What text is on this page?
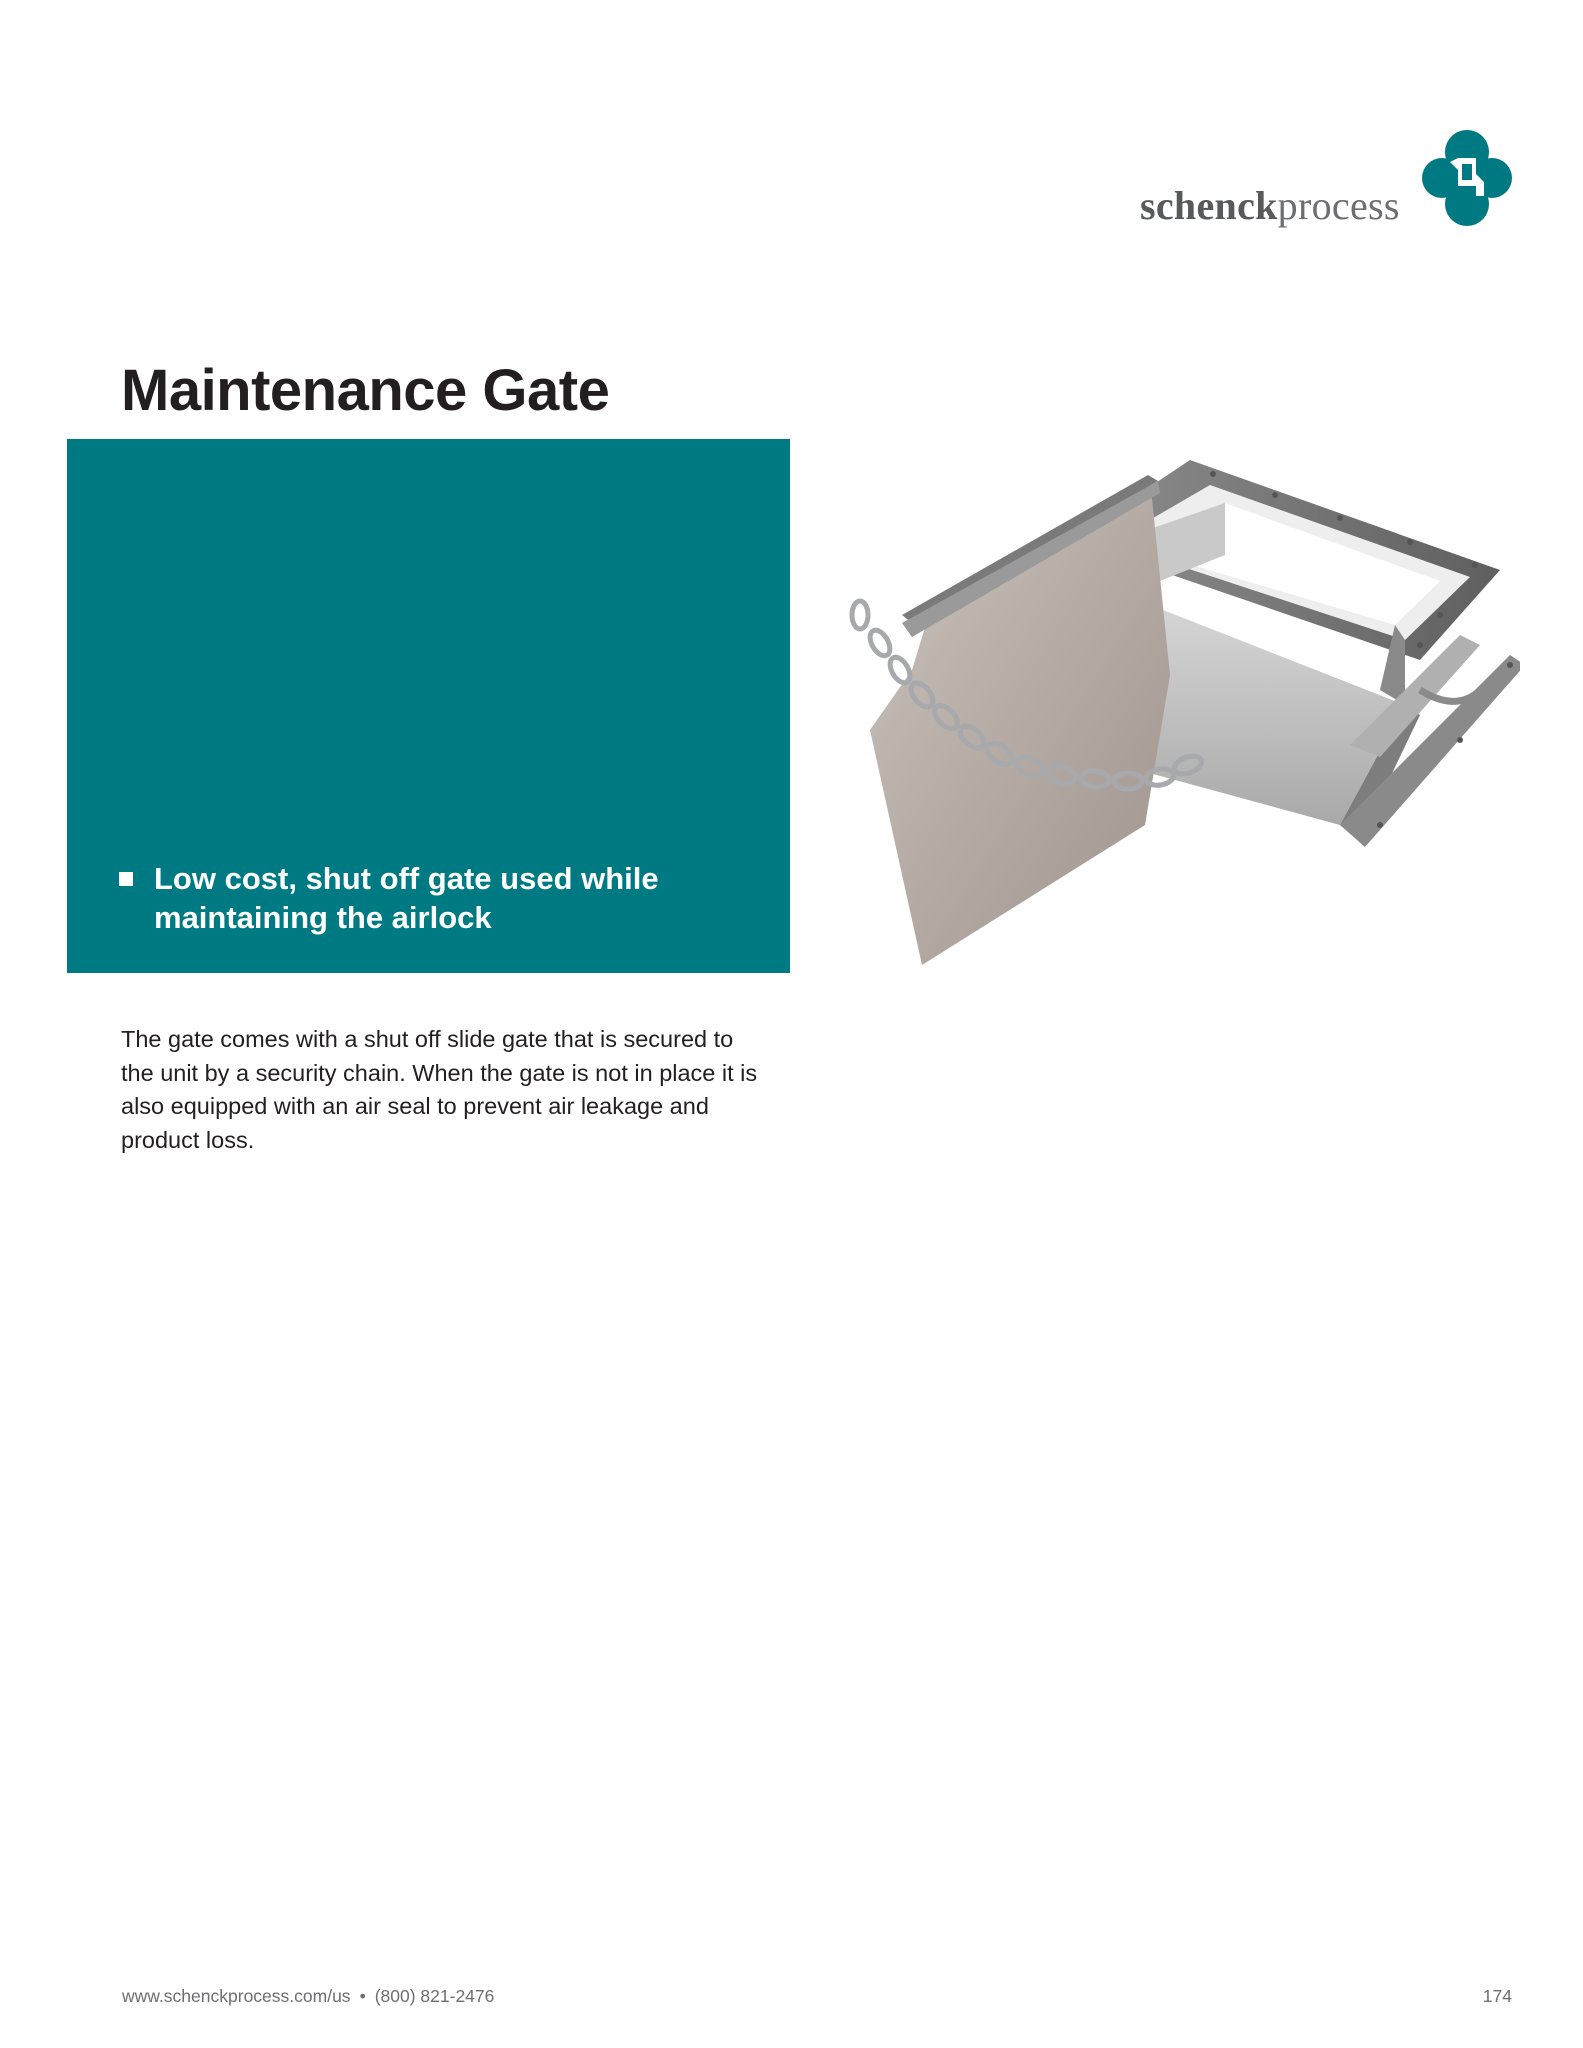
schenckprocess
Maintenance Gate
Low cost, shut off gate used while maintaining the airlock

The gate comes with a shut off slide gate that is secured to the unit by a security chain. When the gate is not in place it is also equipped with an air seal to prevent air leakage and product loss.

www.schenckprocess.com/us • (800) 821-2476	174
